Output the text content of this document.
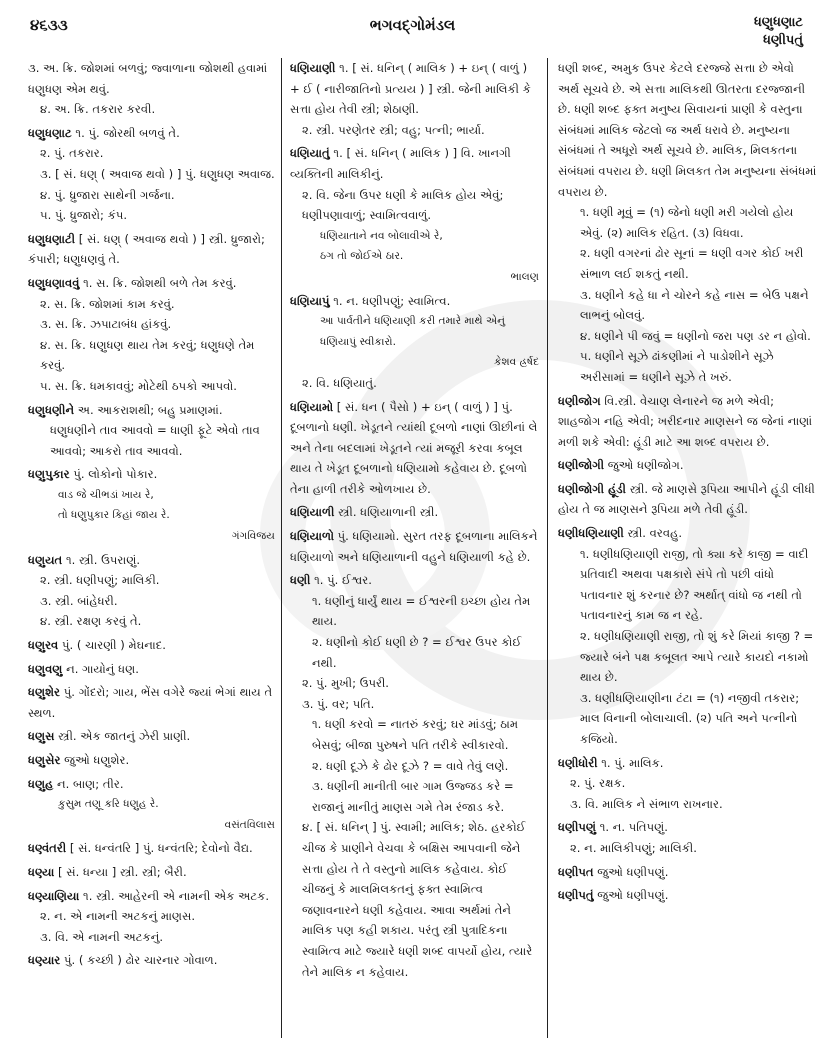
૪૬૩૩	ભગવદ્ગોમંડલ	ધણુધણાટ
ધણીપતું
૩. અ. ક્રિ. જોશમાં બળવું; જ્વાળાના જોશથી હવામાં ધણુધણ એમ થવું.
૪. અ. ક્રિ. તકરાર કરવી.
ધણુધણાટ ૧. પું. જોરથી બળવું તે.
૨. પું. તકરાર.
૩. [ સં. ધણ્ ( અવાજ થવો ) ] પું. ધણુધણ અવાજ.
૪. પું. ધ્રુજારા સાથેની ગર્જના.
૫. પું. ધ્રુજારો; કંપ.
ધણુધણાટી [ સં. ધણ્ ( અવાજ થવો ) ] સ્ત્રી. ધ્રુજારો; કંપારી; ધણુધણવું તે.
ધણુધણાવવું ૧. સ. ક્રિ. જોશથી બળે તેમ કરવું.
૨. સ. ક્રિ. જોશમાં કામ કરવું.
૩. સ. ક્રિ. ઝપાટાબંધ હાંકવું.
૪. સ. ક્રિ. ધણુધણ થાય તેમ કરવું; ધણુધણે તેમ કરવું.
૫. સ. ક્રિ. ધમકાવવું; મોટેથી ઠપકો આપવો.
ધણુધણીને અ. આકરાશથી; બહુ પ્રમાણમાં.
ધણુધણીને તાવ આવવો = ધાણી ફૂટે એવો તાવ આવવો; આકરો તાવ આવવો.
ધણુપુકાર પું. લોકોનો પોકાર.
વાડ જે ચીભડાં ખાય રે,
તો ધણુપુકાર કિહાં જાય રે.
ગંગવિજય
ધણુયત ૧. સ્ત્રી. ઉપરાણું.
૨. સ્ત્રી. ધણીપણું; માલિકી.
૩. સ્ત્રી. બાંહેધરી.
૪. સ્ત્રી. રક્ષણ કરવું તે.
ધણુરવ પું. ( ચારણી ) મેઘનાદ.
ધણુવણુ ન. ગાયોનું ધણ.
ધણુશેર પું. ગોંદરો; ગાય, ભેંસ વગેરે જ્યાં ભેગાં થાય તે સ્થળ.
ધણુસ સ્ત્રી. એક જાતનું ઝેરી પ્રાણી.
ધણુસેર જુઓ ધણુશેર.
ધણુહ ન. બાણ; તીર.
કુસુમ તણૂ કરિ ધણુહ રે.
વસંતવિલાસ
ધણ્વંતરી [ સં. ધન્વંતરિ ] પું. ધન્વંતરિ; દેવોનો વૈદ્ય.
ધણ્યા [ સં. ધન્યા ] સ્ત્રી. સ્ત્રી; બૈરી.
ધણ્યાણિયા ૧. સ્ત્રી. આહેરની એ નામની એક અટક.
૨. ન. એ નામની અટકનું માણસ.
૩. વિ. એ નામની અટકનું.
ધણ્યાર પું. ( કચ્છી ) ઢોર ચારનાર ગોવાળ.
ધણિયાણી ૧. [ સં. ધનિન્ ( માલિક ) + ઇન્ ( વાળું ) + ઈ ( નારીજાતિનો પ્રત્યય ) ] સ્ત્રી. જેની માલિકી કે સત્તા હોય તેવી સ્ત્રી; શેઠાણી.
૨. સ્ત્રી. પરણેતર સ્ત્રી; વહુ; પત્ની; ભાર્યા.
ધણિયાતું ૧. [ સં. ધનિન્ ( માલિક ) ] વિ. ખાનગી વ્યક્તિની માલિકીનું.
૨. વિ. જેના ઉપર ધણી કે માલિક હોય એવું; ધણીપણાવાળું; સ્વામિત્વવાળું.
ધણિયાતાને નવ બોલાવીએ રે,
ઠગ તો જોઈએ ઠાર.
ભાલણ
ધણિયાપું ૧. ન. ધણીપણું; સ્વામિત્વ.
આ પાર્વતીને ધણિયાણી કરી તમારે માથે એનું ધણિયાપું સ્વીકારો.
કેશવ હ્રર્ષદ
૨. વિ. ધણિયાતું.
ધણિયામો [ સં. ધન ( પૈસો ) + ઇન્ ( વાળું ) ] પું. દૂબળાનો ધણી. ખેડૂતને ત્યાંથી દૂબળો નાણાં ઊછીનાં લે અને તેના બદલામાં ખેડૂતને ત્યાં મજૂરી કરવા કબૂલ થાય તે ખેડૂત દૂબળાનો ધણિયામો કહેવાય છે. દૂબળો તેના હાળી તરીકે ઓળખાય છે.
ધણિયાળી સ્ત્રી. ધણિયાળાની સ્ત્રી.
ધણિયાળો પું. ધણિયામો. સુરત તરફ દૂબળાના માલિકને ધણિયાળો અને ધણિયાળાની વહુને ધણિયાળી કહે છે.
ધણી ૧. પું. ઈશ્વર.
૧. ધણીનું ધાર્યું થાય = ઈશ્વરની ઇચ્છા હોય તેમ થાય.
૨. ધણીનો કોઈ ધણી છે ? = ઈશ્વર ઉપર કોઈ નથી.
૨. પું. મુખી; ઉપરી.
૩. પું. વર; પતિ.
૧. ધણી કરવો = નાતરું કરવું; ઘર માંડવું; ઠામ બેસવું; બીજા પુરુષને પતિ તરીકે સ્વીકારવો.
૨. ધણી દૂઝે કે ઢોર દૂઝે ? = વાવે તેવું લણે.
૩. ધણીની માનીતી બાર ગામ ઉજ્જડ કરે = રાજાનું માનીતું માણસ ગમે તેમ રંજાડ કરે.
૪. [ સં. ધનિન્ ] પું. સ્વામી; માલિક; શેઠ. હરકોઈ ચીજ કે પ્રાણીને વેચવા કે બક્ષિસ આપવાની જેને સત્તા હોય તે તે વસ્તુનો માલિક કહેવાય. કોઈ ચીજનું કે માલમિલકતનું ફક્ત સ્વામિત્વ જણાવનારને ધણી કહેવાય. આવા અર્થમાં તેને માલિક પણ કહી શકાય. પરંતુ સ્ત્રી પુત્રાદિકના સ્વામિત્વ માટે જ્યારે ધણી શબ્દ વાપર્યો હોય, ત્યારે તેને માલિક ન કહેવાય.
ધણી શબ્દ, અમુક ઉપર કેટલે દરજ્જે સત્તા છે એવો અર્થ સૂચવે છે. એ સત્તા માલિકથી ઊતરતા દરજ્જાની છે. ધણી શબ્દ ફક્ત મનુષ્ય સિવાયનાં પ્રાણી કે વસ્તુના સંબંધમાં માલિક જેટલો જ અર્થ ધરાવે છે. મનુષ્યના સંબંધમાં તે અધૂરો અર્થ સૂચવે છે. માલિક, મિલકતના સંબંધમાં વપરાય છે. ધણી મિલકત તેમ મનુષ્યના સંબંધમાં વપરાય છે.
૧. ધણી મૂવું = (૧) જેનો ધણી મરી ગયેલો હોય એવું. (૨) માલિક રહિત. (૩) વિધવા.
૨. ધણી વગરનાં ઢોર સૂનાં = ધણી વગર કોઈ ખરી સંભાળ લઈ શકતું નથી.
૩. ધણીને કહે ધા ને ચોરને કહે નાસ = બેઉ પક્ષને લાભનું બોલવું.
૪. ધણીને પી જવું = ધણીનો જરા પણ ડર ન હોવો.
૫. ધણીને સૂઝે ઢાંકણીમાં ને પાડોશીને સૂઝે અરીસામાં = ધણીને સૂઝે તે ખરું.
ધણીજોગ વિ.સ્ત્રી. વેચાણ લેનારને જ મળે એવી; શાહજોગ નહિ એવી; ખરીદનાર માણસને જ જેનાં નાણાં મળી શકે એવી: હૂંડી માટે આ શબ્દ વપરાય છે.
ધણીજોગી જુઓ ધણીજોગ.
ધણીજોગી હૂંડી સ્ત્રી. જે માણસે રૂપિયા આપીને હૂંડી લીધી હોય તે જ માણસને રૂપિયા મળે તેવી હૂંડી.
ધણીધણિયાણી સ્ત્રી. વરવહુ.
૧. ધણીધણિયાણી રાજી, તો ક્યા કરે કાજી = વાદી પ્રતિવાદી અથવા પક્ષકારો સંપે તો પછી વાંધો પતાવનાર શું કરનાર છે? અર્થાત્ વાંધો જ નથી તો પતાવનારનું કામ જ ન રહે.
૨. ધણીધણિયાણી રાજી, તો શું કરે મિયાં કાજી ? = જ્યારે બંને પક્ષ કબૂલત આપે ત્યારે કાયદો નકામો થાય છે.
૩. ધણીધણિયાણીના ટંટા = (૧) નજીવી તકરાર; માલ વિનાની બોલાચાલી. (૨) પતિ અને પત્નીનો કજિયો.
ધણીધોરી ૧. પું. માલિક.
૨. પું. રક્ષક.
૩. વિ. માલિક ને સંભાળ રાખનાર.
ધણીપણું ૧. ન. પતિપણું.
૨. ન. માલિકીપણું; માલિકી.
ધણીપત જુઓ ધણીપણું.
ધણીપતું જુઓ ધણીપણું.
